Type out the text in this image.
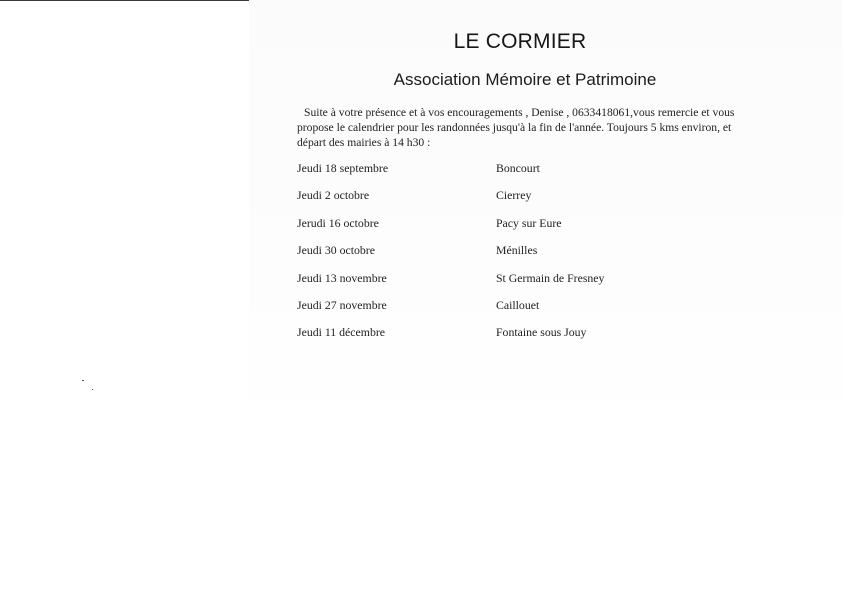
LE CORMIER
Association Mémoire et Patrimoine
Suite à votre présence et à vos encouragements , Denise , 0633418061,vous remercie et vous propose le calendrier pour les randonnées jusqu'à la fin de l'année. Toujours 5 kms environ, et départ des mairies à 14 h30 :
Jeudi 18 septembre	Boncourt
Jeudi 2 octobre	Cierrey
Jerudi 16 octobre	Pacy sur Eure
Jeudi 30 octobre	Ménilles
Jeudi 13 novembre	St Germain de Fresney
Jeudi 27 novembre	Caillouet
Jeudi 11 décembre	Fontaine sous Jouy
